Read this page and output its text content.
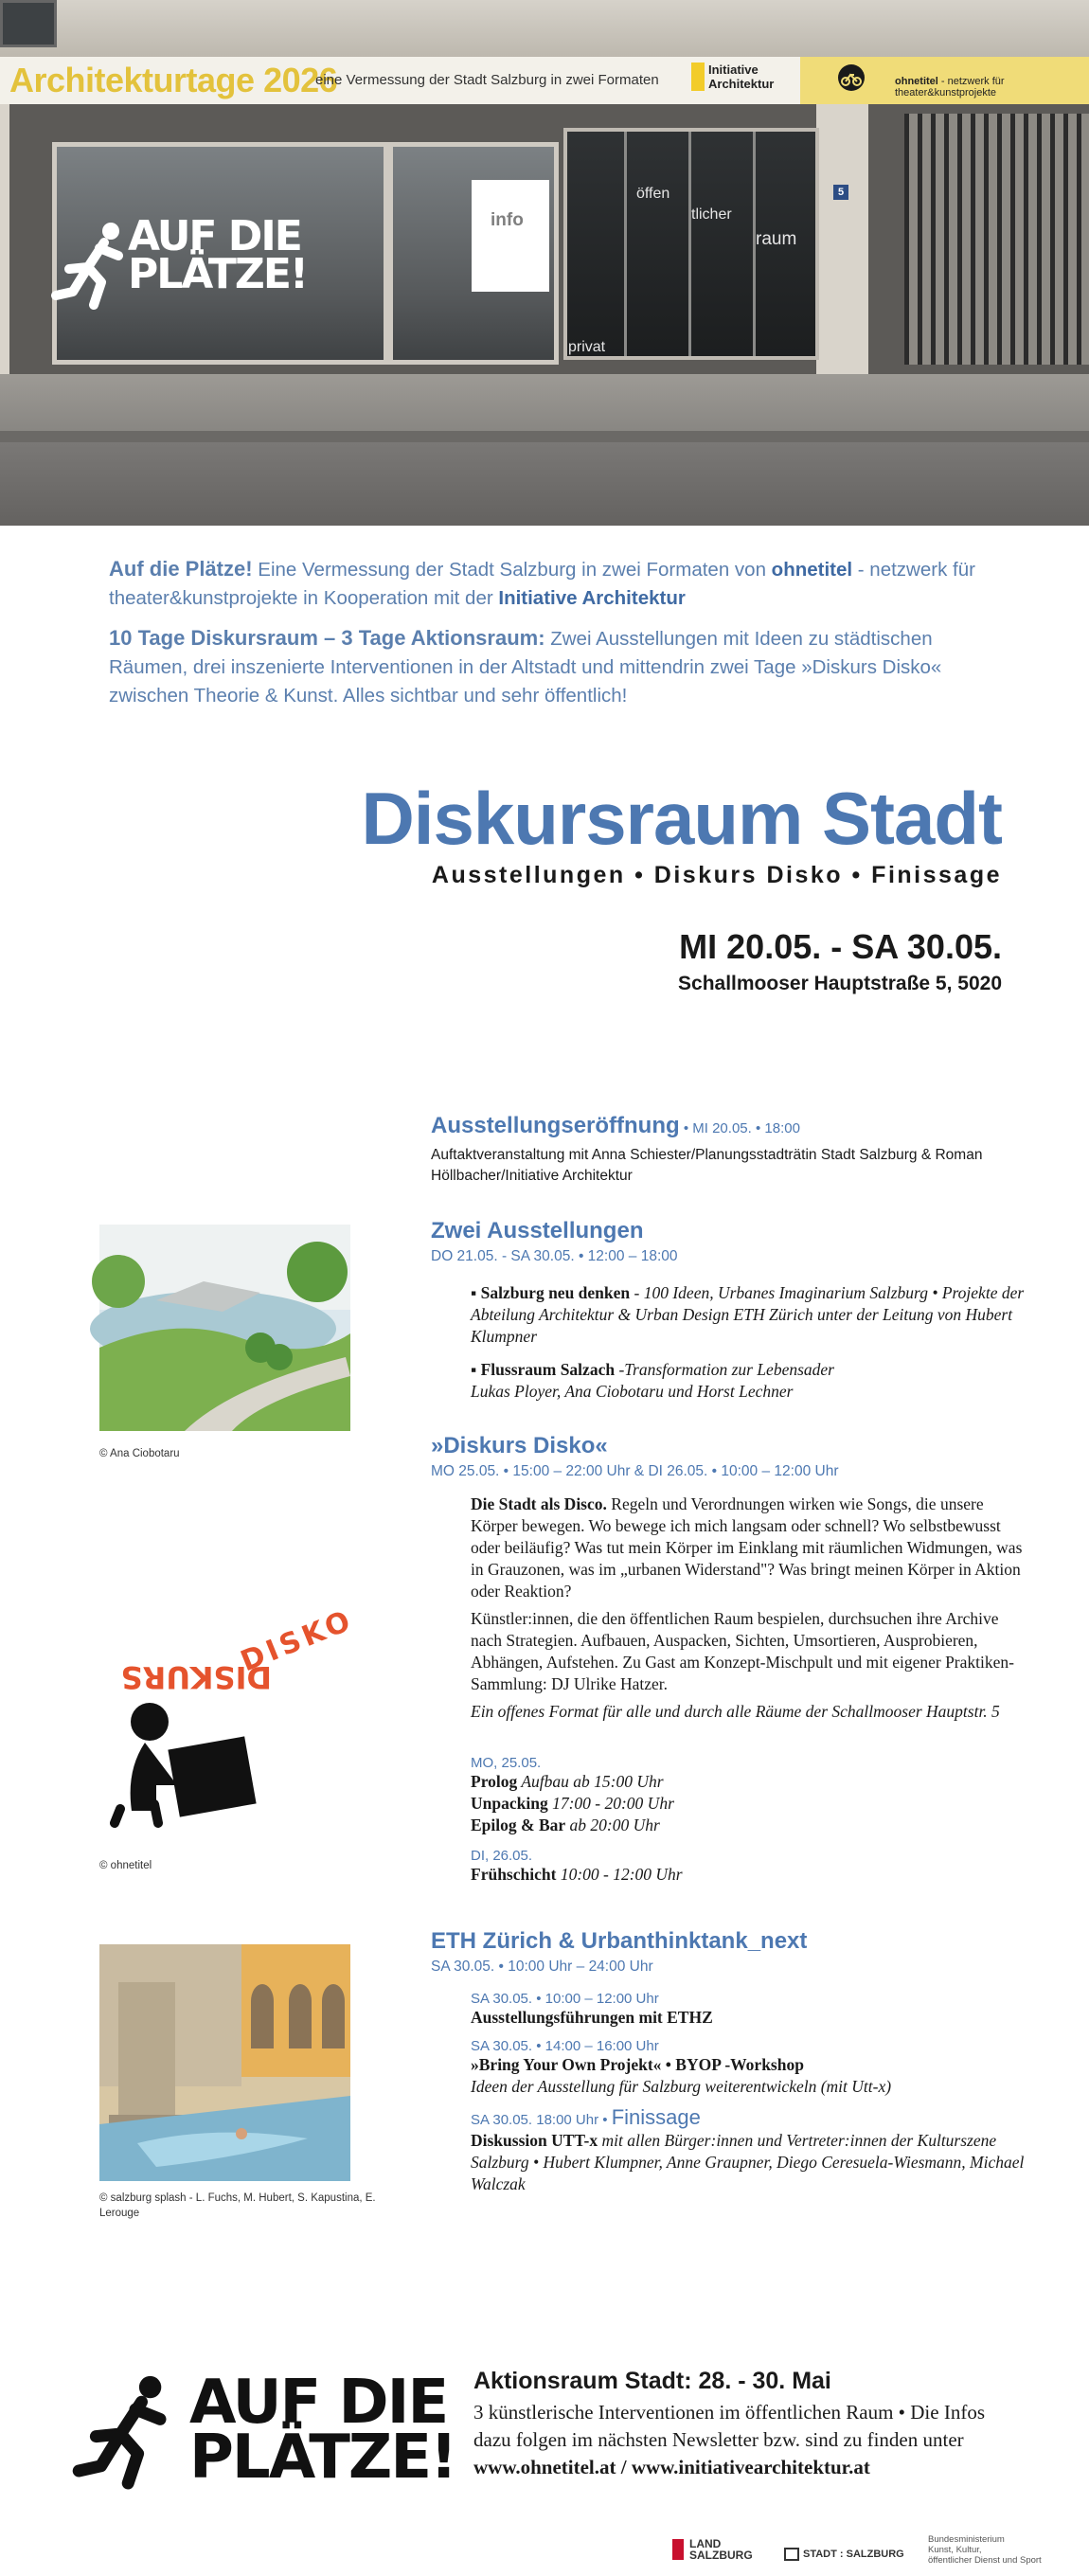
Architekturtage 2026
eine Vermessung der Stadt Salzburg in zwei Formaten
Initiative
Architektur	ohnetitel - netzwerk für theater&kunstprojekte
öffen
tlicher
raum
privat
info
5
AUF DIE
PLÄTZE!

Auf die Plätze! Eine Vermessung der Stadt Salzburg in zwei Formaten von ohnetitel - netzwerk für theater&kunstprojekte in Kooperation mit der Initiative Architektur

10 Tage Diskursraum – 3 Tage Aktionsraum: Zwei Ausstellungen mit Ideen zu städtischen Räumen, drei inszenierte Interventionen in der Altstadt und mittendrin zwei Tage »Diskurs Disko« zwischen Theorie & Kunst. Alles sichtbar und sehr öffentlich!

Diskursraum Stadt
Ausstellungen • Diskurs Disko • Finissage
MI 20.05. - SA 30.05.
Schallmooser Hauptstraße 5, 5020
Ausstellungseröffnung • MI 20.05. • 18:00
Auftaktveranstaltung mit Anna Schiester/Planungsstadträtin Stadt Salzburg & Roman Höllbacher/Initiative Architektur
© Ana Ciobotaru
Zwei Ausstellungen
DO 21.05. - SA 30.05. • 12:00 – 18:00
▪ Salzburg neu denken - 100 Ideen, Urbanes Imaginarium Salzburg • Projekte der Abteilung Architektur & Urban Design ETH Zürich unter der Leitung von Hubert Klumpner
▪ Flussraum Salzach -Transformation zur Lebensader
Lukas Ployer, Ana Ciobotaru und Horst Lechner
DISKURS
DISKO
© ohnetitel
»Diskurs Disko«
MO 25.05. • 15:00 – 22:00 Uhr & DI 26.05. • 10:00 – 12:00 Uhr
Die Stadt als Disco. Regeln und Verordnungen wirken wie Songs, die unsere Körper bewegen. Wo bewege ich mich langsam oder schnell? Wo selbstbewusst oder beiläufig? Was tut mein Körper im Einklang mit räumlichen Widmungen, was in Grauzonen, was im „urbanen Widerstand"? Was bringt meinen Körper in Aktion oder Reaktion?
Künstler:innen, die den öffentlichen Raum bespielen, durchsuchen ihre Archive nach Strategien. Aufbauen, Auspacken, Sichten, Umsortieren, Ausprobieren, Abhängen, Aufstehen. Zu Gast am Konzept-Mischpult und mit eigener Praktiken-Sammlung: DJ Ulrike Hatzer.
Ein offenes Format für alle und durch alle Räume der Schallmooser Hauptstr. 5
MO, 25.05.
Prolog Aufbau ab 15:00 Uhr
Unpacking 17:00 - 20:00 Uhr
Epilog & Bar ab 20:00 Uhr
DI, 26.05.
Frühschicht 10:00 - 12:00 Uhr
© salzburg splash - L. Fuchs, M. Hubert, S. Kapustina, E. Lerouge
ETH Zürich & Urbanthinktank_next
SA 30.05. • 10:00 Uhr – 24:00 Uhr
SA 30.05. • 10:00 – 12:00 Uhr
Ausstellungsführungen mit ETHZ
SA 30.05. • 14:00 – 16:00 Uhr
»Bring Your Own Projekt« • BYOP -Workshop
Ideen der Ausstellung für Salzburg weiterentwickeln (mit Utt-x)
SA 30.05. 18:00 Uhr • Finissage
Diskussion UTT-x mit allen Bürger:innen und Vertreter:innen der Kulturszene Salzburg • Hubert Klumpner, Anne Graupner, Diego Ceresuela-Wiesmann, Michael Walczak
AUF DIE
PLÄTZE!
Aktionsraum Stadt: 28. - 30. Mai
3 künstlerische Interventionen im öffentlichen Raum • Die Infos dazu folgen im nächsten Newsletter bzw. sind zu finden unter
www.ohnetitel.at / www.initiativearchitektur.at
LAND
SALZBURG	STADT : SALZBURG
Bundesministerium
Kunst, Kultur,
öffentlicher Dienst und Sport
